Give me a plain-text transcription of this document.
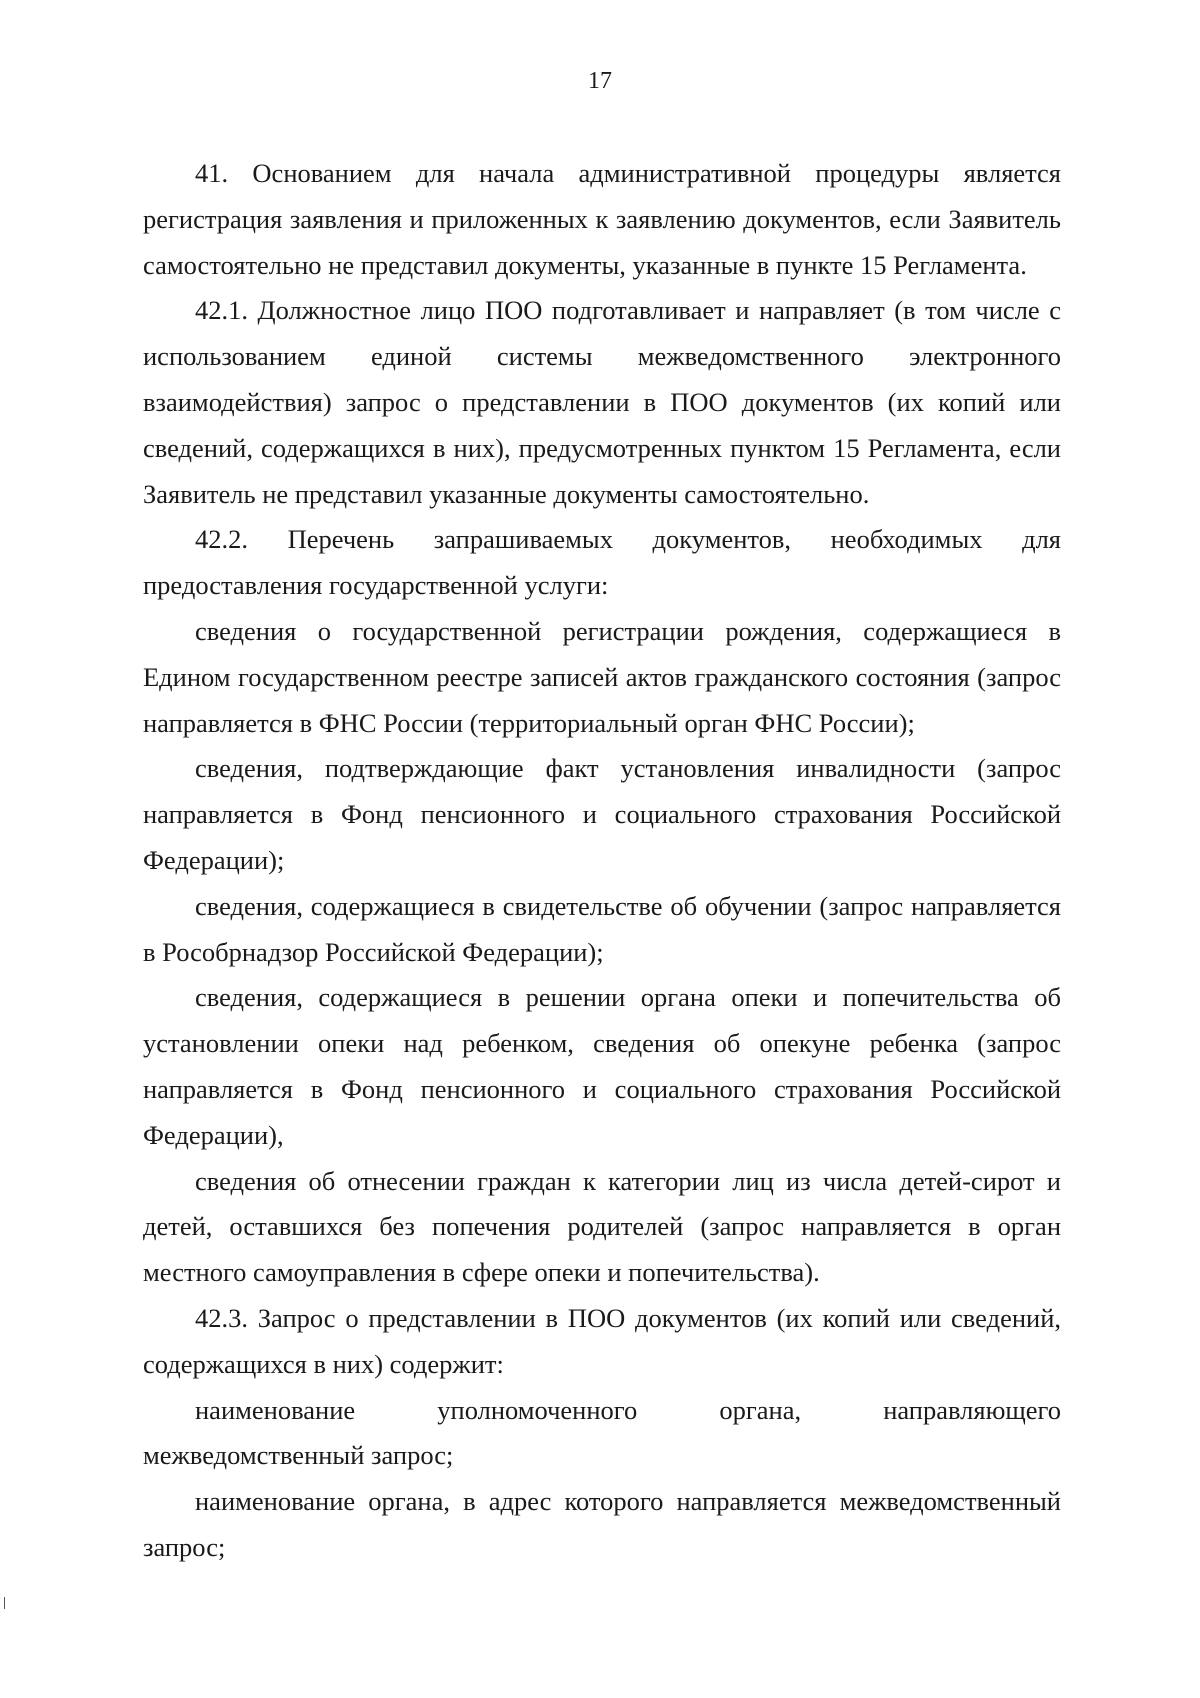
17

41. Основанием для начала административной процедуры является регистрация заявления и приложенных к заявлению документов, если Заявитель самостоятельно не представил документы, указанные в пункте 15 Регламента.

42.1. Должностное лицо ПОО подготавливает и направляет (в том числе с использованием единой системы межведомственного электронного взаимодействия) запрос о представлении в ПОО документов (их копий или сведений, содержащихся в них), предусмотренных пунктом 15 Регламента, если Заявитель не представил указанные документы самостоятельно.

42.2. Перечень запрашиваемых документов, необходимых для предоставления государственной услуги:

сведения о государственной регистрации рождения, содержащиеся в Едином государственном реестре записей актов гражданского состояния (запрос направляется в ФНС России (территориальный орган ФНС России);

сведения, подтверждающие факт установления инвалидности (запрос направляется в Фонд пенсионного и социального страхования Российской Федерации);

сведения, содержащиеся в свидетельстве об обучении (запрос направляется в Рособрнадзор Российской Федерации);

сведения, содержащиеся в решении органа опеки и попечительства об установлении опеки над ребенком, сведения об опекуне ребенка (запрос направляется в Фонд пенсионного и социального страхования Российской Федерации),

сведения об отнесении граждан к категории лиц из числа детей-сирот и детей, оставшихся без попечения родителей (запрос направляется в орган местного самоуправления в сфере опеки и попечительства).

42.3. Запрос о представлении в ПОО документов (их копий или сведений, содержащихся в них) содержит:

наименование уполномоченного органа, направляющего межведомственный запрос;

наименование органа, в адрес которого направляется межведомственный запрос;
